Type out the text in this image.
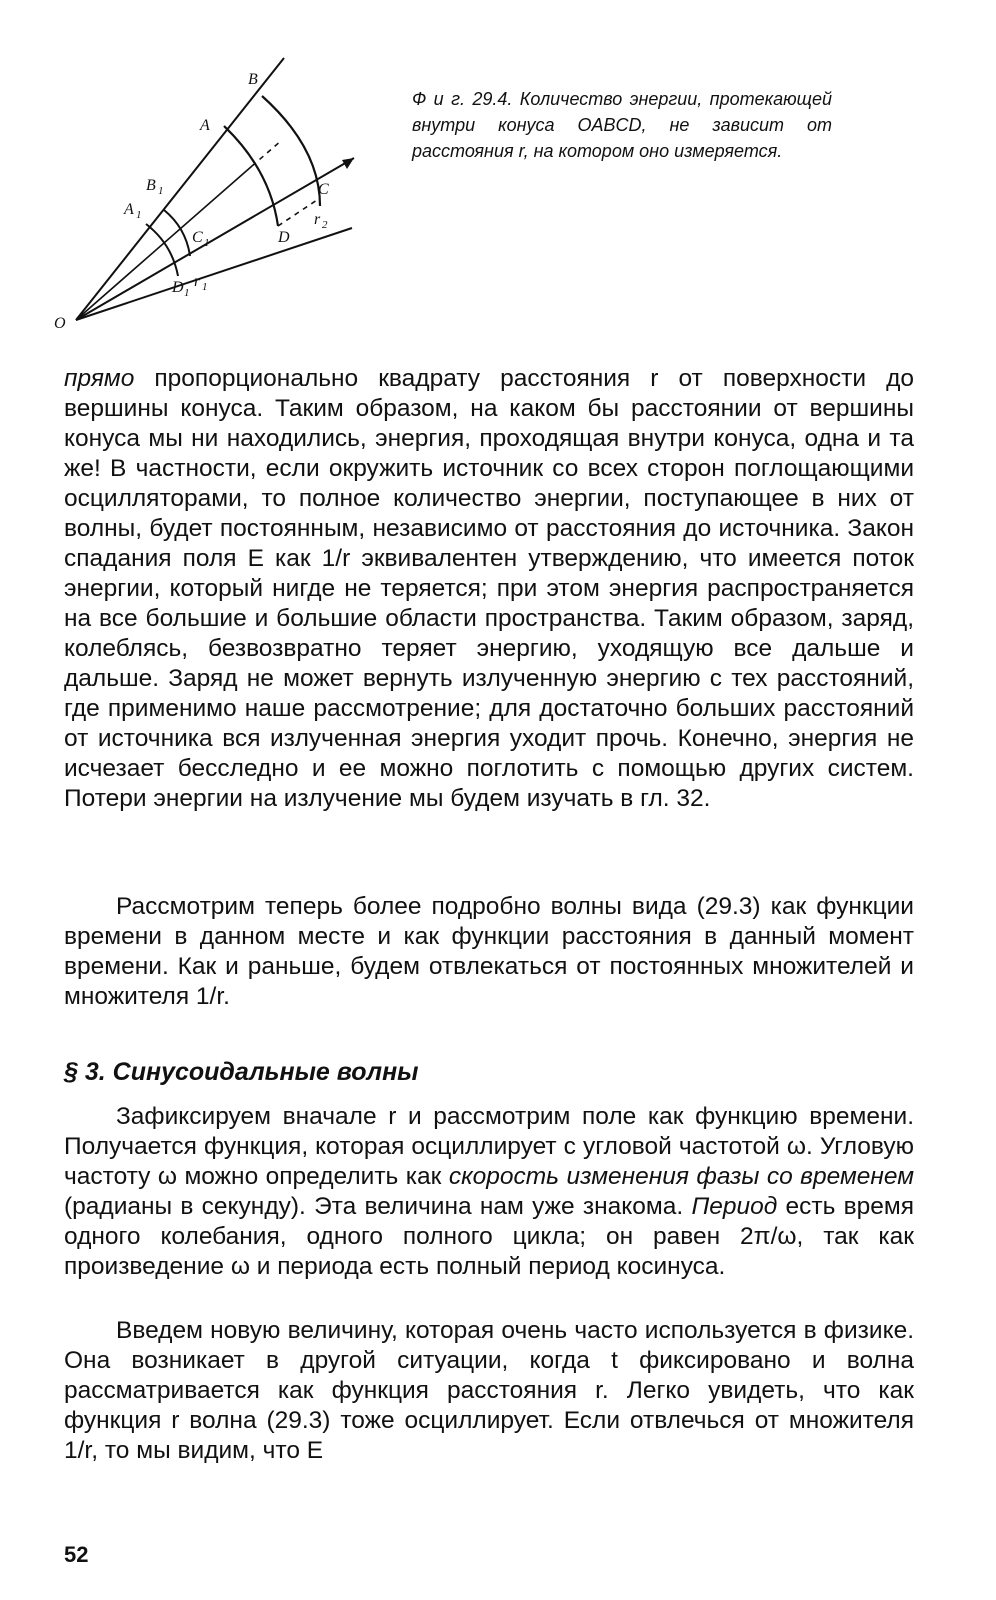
O
B
A
B 1
A 1
C 1
C
D
D 1
r 1
r 2
Ф и г. 29.4. Количество энергии, протекающей внутри конуса OABCD, не зависит от расстояния r, на котором оно измеряется.

прямо пропорционально квадрату расстояния r от поверхности до вершины конуса. Таким образом, на каком бы расстоянии от вершины конуса мы ни находились, энергия, проходящая внутри конуса, одна и та же! В частности, если окружить источник со всех сторон поглощающими осцилляторами, то полное количество энергии, поступающее в них от волны, будет постоянным, независимо от расстояния до источника. Закон спадания поля E как 1/r эквивалентен утверждению, что имеется поток энергии, который нигде не теряется; при этом энергия распространяется на все большие и большие области пространства. Таким образом, заряд, колеблясь, безвозвратно теряет энергию, уходящую все дальше и дальше. Заряд не может вернуть излученную энергию с тех расстояний, где применимо наше рассмотрение; для достаточно больших расстояний от источника вся излученная энергия уходит прочь. Конечно, энергия не исчезает бесследно и ее можно поглотить с помощью других систем. Потери энергии на излучение мы будем изучать в гл. 32.

Рассмотрим теперь более подробно волны вида (29.3) как функции времени в данном месте и как функции расстояния в данный момент времени. Как и раньше, будем отвлекаться от постоянных множителей и множителя 1/r.

§ 3. Синусоидальные волны

Зафиксируем вначале r и рассмотрим поле как функцию времени. Получается функция, которая осциллирует с угловой частотой ω. Угловую частоту ω можно определить как скорость изменения фазы со временем (радианы в секунду). Эта величина нам уже знакома. Период есть время одного колебания, одного полного цикла; он равен 2π/ω, так как произведение ω и периода есть полный период косинуса.

Введем новую величину, которая очень часто используется в физике. Она возникает в другой ситуации, когда t фиксировано и волна рассматривается как функция расстояния r. Легко увидеть, что как функция r волна (29.3) тоже осциллирует. Если отвлечься от множителя 1/r, то мы видим, что E

52
